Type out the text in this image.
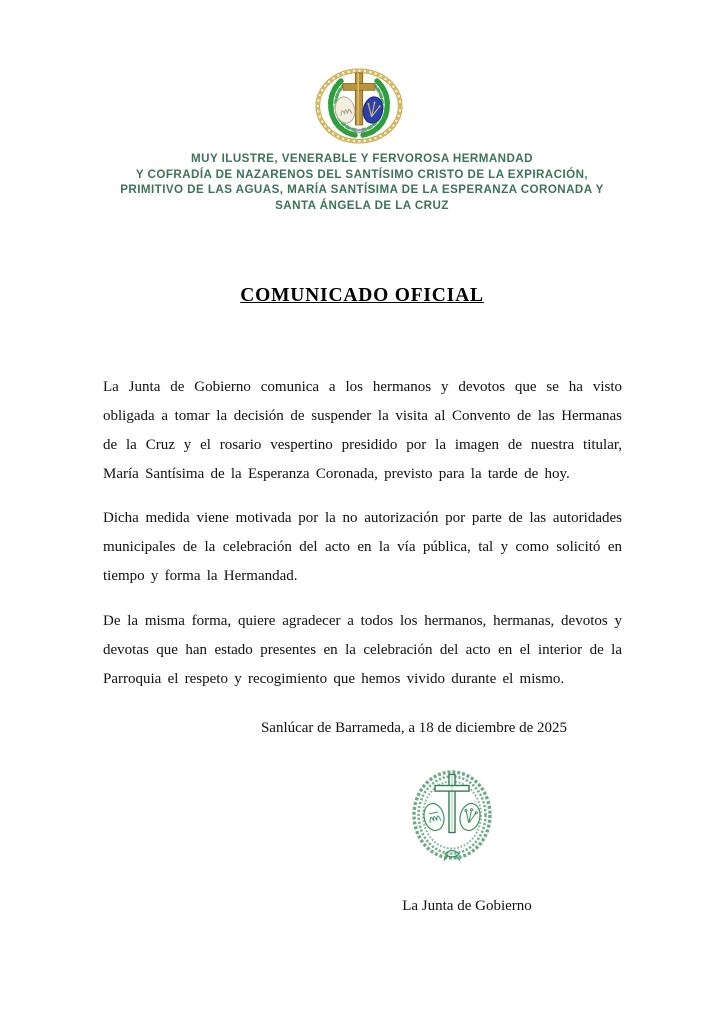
MUY ILUSTRE, VENERABLE Y FERVOROSA HERMANDAD
Y COFRADÍA DE NAZARENOS DEL SANTÍSIMO CRISTO DE LA EXPIRACIÓN,
PRIMITIVO DE LAS AGUAS, MARÍA SANTÍSIMA DE LA ESPERANZA CORONADA Y
SANTA ÁNGELA DE LA CRUZ
COMUNICADO OFICIAL

La Junta de Gobierno comunica a los hermanos y devotos que se ha visto obligada a tomar la decisión de suspender la visita al Convento de las Hermanas de la Cruz y el rosario vespertino presidido por la imagen de nuestra titular, María Santísima de la Esperanza Coronada, previsto para la tarde de hoy.

Dicha medida viene motivada por la no autorización por parte de las autoridades municipales de la celebración del acto en la vía pública, tal y como solicitó en tiempo y forma la Hermandad.

De la misma forma, quiere agradecer a todos los hermanos, hermanas, devotos y devotas que han estado presentes en la celebración del acto en el interior de la Parroquia el respeto y recogimiento que hemos vivido durante el mismo.

Sanlúcar de Barrameda, a 18 de diciembre de 2025
La Junta de Gobierno
